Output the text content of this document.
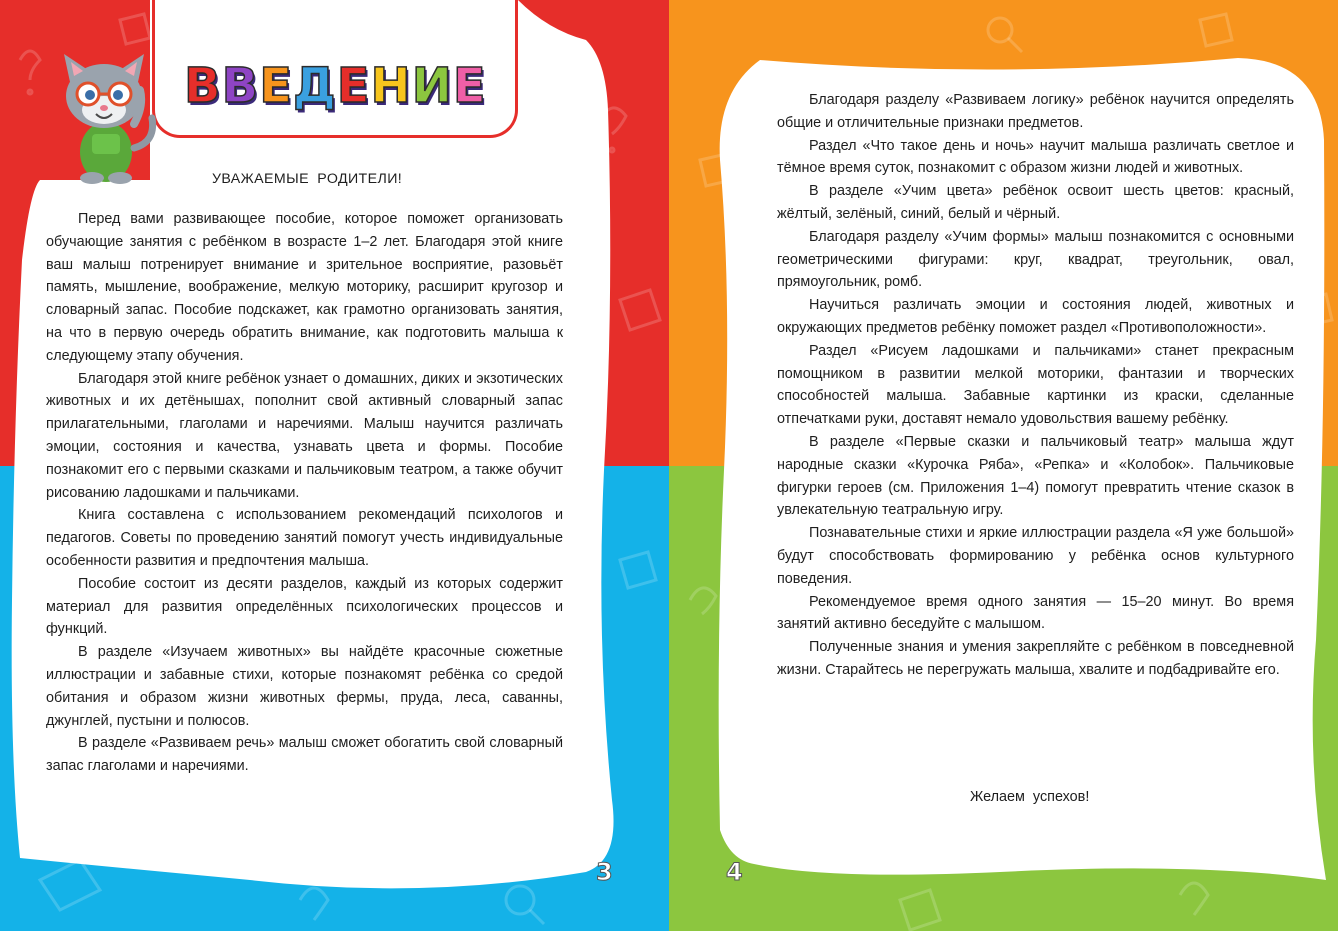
ВВЕДЕНИЕ
УВАЖАЕМЫЕ РОДИТЕЛИ!

Перед вами развивающее пособие, которое поможет организовать обучающие занятия с ребёнком в возрасте 1–2 лет. Благодаря этой книге ваш малыш потренирует внимание и зрительное восприятие, разовьёт память, мышление, воображение, мелкую моторику, расширит кругозор и словарный запас. Пособие подскажет, как грамотно организовать занятия, на что в первую очередь обратить внимание, как подготовить малыша к следующему этапу обучения.

Благодаря этой книге ребёнок узнает о домашних, диких и экзотических животных и их детёнышах, пополнит свой активный словарный запас прилагательными, глаголами и наречиями. Малыш научится различать эмоции, состояния и качества, узнавать цвета и формы. Пособие познакомит его с первыми сказками и пальчиковым театром, а также обучит рисованию ладошками и пальчиками.

Книга составлена с использованием рекомендаций психологов и педагогов. Советы по проведению занятий помогут учесть индивидуальные особенности развития и предпочтения малыша.

Пособие состоит из десяти разделов, каждый из которых содержит материал для развития определённых психологических процессов и функций.

В разделе «Изучаем животных» вы найдёте красочные сюжетные иллюстрации и забавные стихи, которые познакомят ребёнка со средой обитания и образом жизни животных фермы, пруда, леса, саванны, джунглей, пустыни и полюсов.

В разделе «Развиваем речь» малыш сможет обогатить свой словарный запас глаголами и наречиями.

Благодаря разделу «Развиваем логику» ребёнок научится определять общие и отличительные признаки предметов.

Раздел «Что такое день и ночь» научит малыша различать светлое и тёмное время суток, познакомит с образом жизни людей и животных.

В разделе «Учим цвета» ребёнок освоит шесть цветов: красный, жёлтый, зелёный, синий, белый и чёрный.

Благодаря разделу «Учим формы» малыш познакомится с основными геометрическими фигурами: круг, квадрат, треугольник, овал, прямоугольник, ромб.

Научиться различать эмоции и состояния людей, животных и окружающих предметов ребёнку поможет раздел «Противоположности».

Раздел «Рисуем ладошками и пальчиками» станет прекрасным помощником в развитии мелкой моторики, фантазии и творческих способностей малыша. Забавные картинки из краски, сделанные отпечатками руки, доставят немало удовольствия вашему ребёнку.

В разделе «Первые сказки и пальчиковый театр» малыша ждут народные сказки «Курочка Ряба», «Репка» и «Колобок». Пальчиковые фигурки героев (см. Приложения 1–4) помогут превратить чтение сказок в увлекательную театральную игру.

Познавательные стихи и яркие иллюстрации раздела «Я уже большой» будут способствовать формированию у ребёнка основ культурного поведения.

Рекомендуемое время одного занятия — 15–20 минут. Во время занятий активно беседуйте с малышом.

Полученные знания и умения закрепляйте с ребёнком в повседневной жизни. Старайтесь не перегружать малыша, хвалите и подбадривайте его.

Желаем успехов!
3	4
